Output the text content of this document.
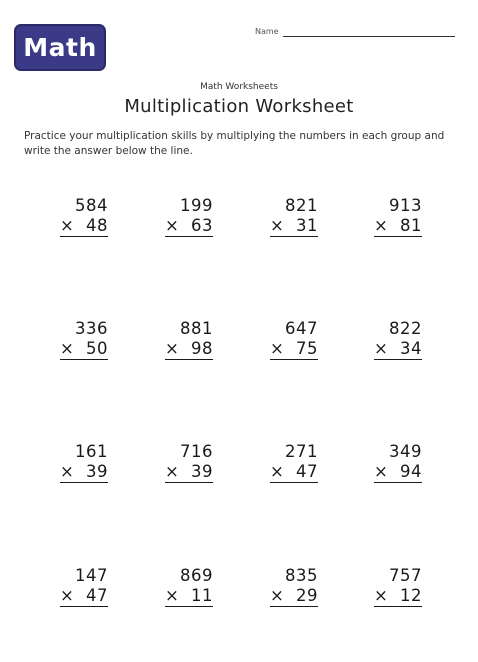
Math
Name
Math Worksheets
Multiplication Worksheet
Practice your multiplication skills by multiplying the numbers in each group and write the answer below the line.
584
× 48
199
× 63
821
× 31
913
× 81
336
× 50
881
× 98
647
× 75
822
× 34
161
× 39
716
× 39
271
× 47
349
× 94
147
× 47
869
× 11
835
× 29
757
× 12
